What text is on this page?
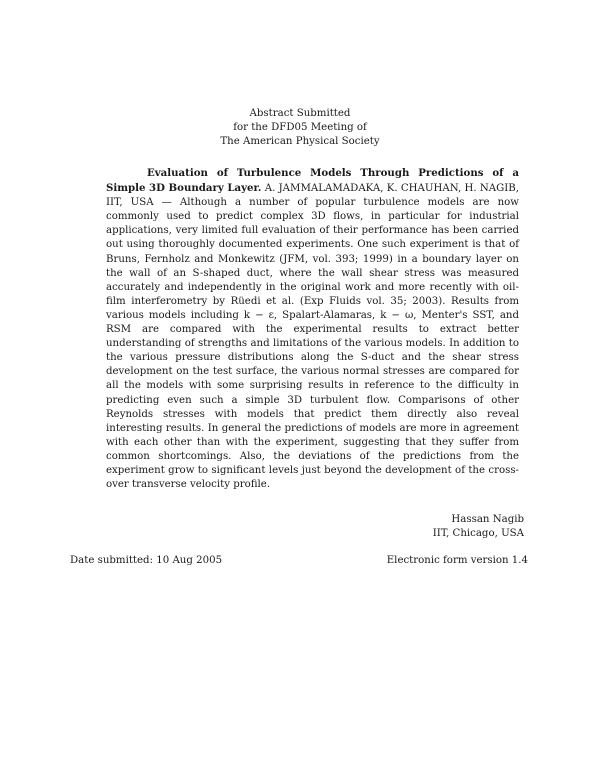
Abstract Submitted
for the DFD05 Meeting of
The American Physical Society

Evaluation of Turbulence Models Through Predictions of a Simple 3D Boundary Layer. A. JAMMALAMADAKA, K. CHAUHAN, H. NAGIB, IIT, USA — Although a number of popular turbulence models are now commonly used to predict complex 3D flows, in particular for industrial applications, very limited full evaluation of their performance has been carried out using thoroughly documented experiments. One such experiment is that of Bruns, Fernholz and Monkewitz (JFM, vol. 393; 1999) in a boundary layer on the wall of an S-shaped duct, where the wall shear stress was measured accurately and independently in the original work and more recently with oil-film interferometry by Rüedi et al. (Exp Fluids vol. 35; 2003). Results from various models including k − ε, Spalart-Alamaras, k − ω, Menter's SST, and RSM are compared with the experimental results to extract better understanding of strengths and limitations of the various models. In addition to the various pressure distributions along the S-duct and the shear stress development on the test surface, the various normal stresses are compared for all the models with some surprising results in reference to the difficulty in predicting even such a simple 3D turbulent flow. Comparisons of other Reynolds stresses with models that predict them directly also reveal interesting results. In general the predictions of models are more in agreement with each other than with the experiment, suggesting that they suffer from common shortcomings. Also, the deviations of the predictions from the experiment grow to significant levels just beyond the development of the cross-over transverse velocity profile.

Hassan Nagib
IIT, Chicago, USA
Date submitted: 10 Aug 2005	Electronic form version 1.4
